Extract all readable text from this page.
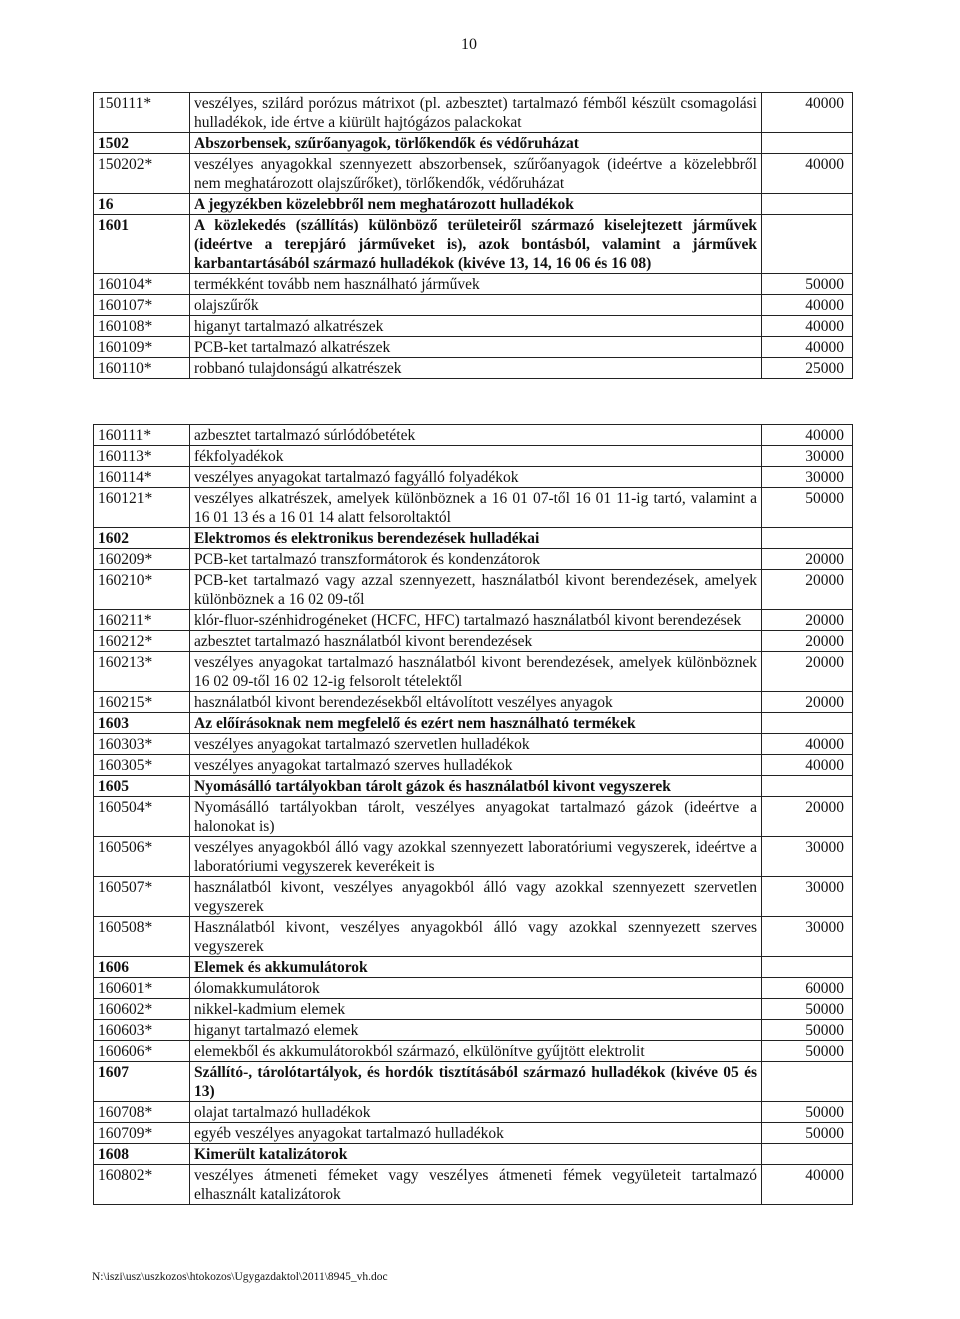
10
150111*	veszélyes, szilárd porózus mátrixot (pl. azbesztet) tartalmazó fémből készült csomagolási hulladékok, ide értve a kiürült hajtógázos palackokat	40000
1502	Abszorbensek, szűrőanyagok, törlőkendők és védőruházat	
150202*	veszélyes anyagokkal szennyezett abszorbensek, szűrőanyagok (ideértve a közelebbről nem meghatározott olajszűrőket), törlőkendők, védőruházat	40000
16	A jegyzékben közelebbről nem meghatározott hulladékok	
1601	A közlekedés (szállítás) különböző területeiről származó kiselejtezett járművek (ideértve a terepjáró járműveket is), azok bontásból, valamint a járművek karbantartásából származó hulladékok (kivéve 13, 14, 16 06 és 16 08)	
160104*	termékként tovább nem használható járművek	50000
160107*	olajszűrők	40000
160108*	higanyt tartalmazó alkatrészek	40000
160109*	PCB-ket tartalmazó alkatrészek	40000
160110*	robbanó tulajdonságú alkatrészek	25000
160111*	azbesztet tartalmazó súrlódóbetétek	40000
160113*	fékfolyadékok	30000
160114*	veszélyes anyagokat tartalmazó fagyálló folyadékok	30000
160121*	veszélyes alkatrészek, amelyek különböznek a 16 01 07-től 16 01 11-ig tartó, valamint a 16 01 13 és a 16 01 14 alatt felsoroltaktól	50000
1602	Elektromos és elektronikus berendezések hulladékai	
160209*	PCB-ket tartalmazó transzformátorok és kondenzátorok	20000
160210*	PCB-ket tartalmazó vagy azzal szennyezett, használatból kivont berendezések, amelyek különböznek a 16 02 09-től	20000
160211*	klór-fluor-szénhidrogéneket (HCFC, HFC) tartalmazó használatból kivont berendezések	20000
160212*	azbesztet tartalmazó használatból kivont berendezések	20000
160213*	veszélyes anyagokat tartalmazó használatból kivont berendezések, amelyek különböznek 16 02 09-től 16 02 12-ig felsorolt tételektől	20000
160215*	használatból kivont berendezésekből eltávolított veszélyes anyagok	20000
1603	Az előírásoknak nem megfelelő és ezért nem használható termékek	
160303*	veszélyes anyagokat tartalmazó szervetlen hulladékok	40000
160305*	veszélyes anyagokat tartalmazó szerves hulladékok	40000
1605	Nyomásálló tartályokban tárolt gázok és használatból kivont vegyszerek	
160504*	Nyomásálló tartályokban tárolt, veszélyes anyagokat tartalmazó gázok (ideértve a halonokat is)	20000
160506*	veszélyes anyagokból álló vagy azokkal szennyezett laboratóriumi vegyszerek, ideértve a laboratóriumi vegyszerek keverékeit is	30000
160507*	használatból kivont, veszélyes anyagokból álló vagy azokkal szennyezett szervetlen vegyszerek	30000
160508*	Használatból kivont, veszélyes anyagokból álló vagy azokkal szennyezett szerves vegyszerek	30000
1606	Elemek és akkumulátorok	
160601*	ólomakkumulátorok	60000
160602*	nikkel-kadmium elemek	50000
160603*	higanyt tartalmazó elemek	50000
160606*	elemekből és akkumulátorokból származó, elkülönítve gyűjtött elektrolit	50000
1607	Szállító-, tárolótartályok, és hordók tisztításából származó hulladékok (kivéve 05 és 13)	
160708*	olajat tartalmazó hulladékok	50000
160709*	egyéb veszélyes anyagokat tartalmazó hulladékok	50000
1608	Kimerült katalizátorok	
160802*	veszélyes átmeneti fémeket vagy veszélyes átmeneti fémek vegyületeit tartalmazó elhasznált katalizátorok	40000
N:\iszi\usz\uszkozos\htokozos\Ugygazdaktol\2011\8945_vh.doc
